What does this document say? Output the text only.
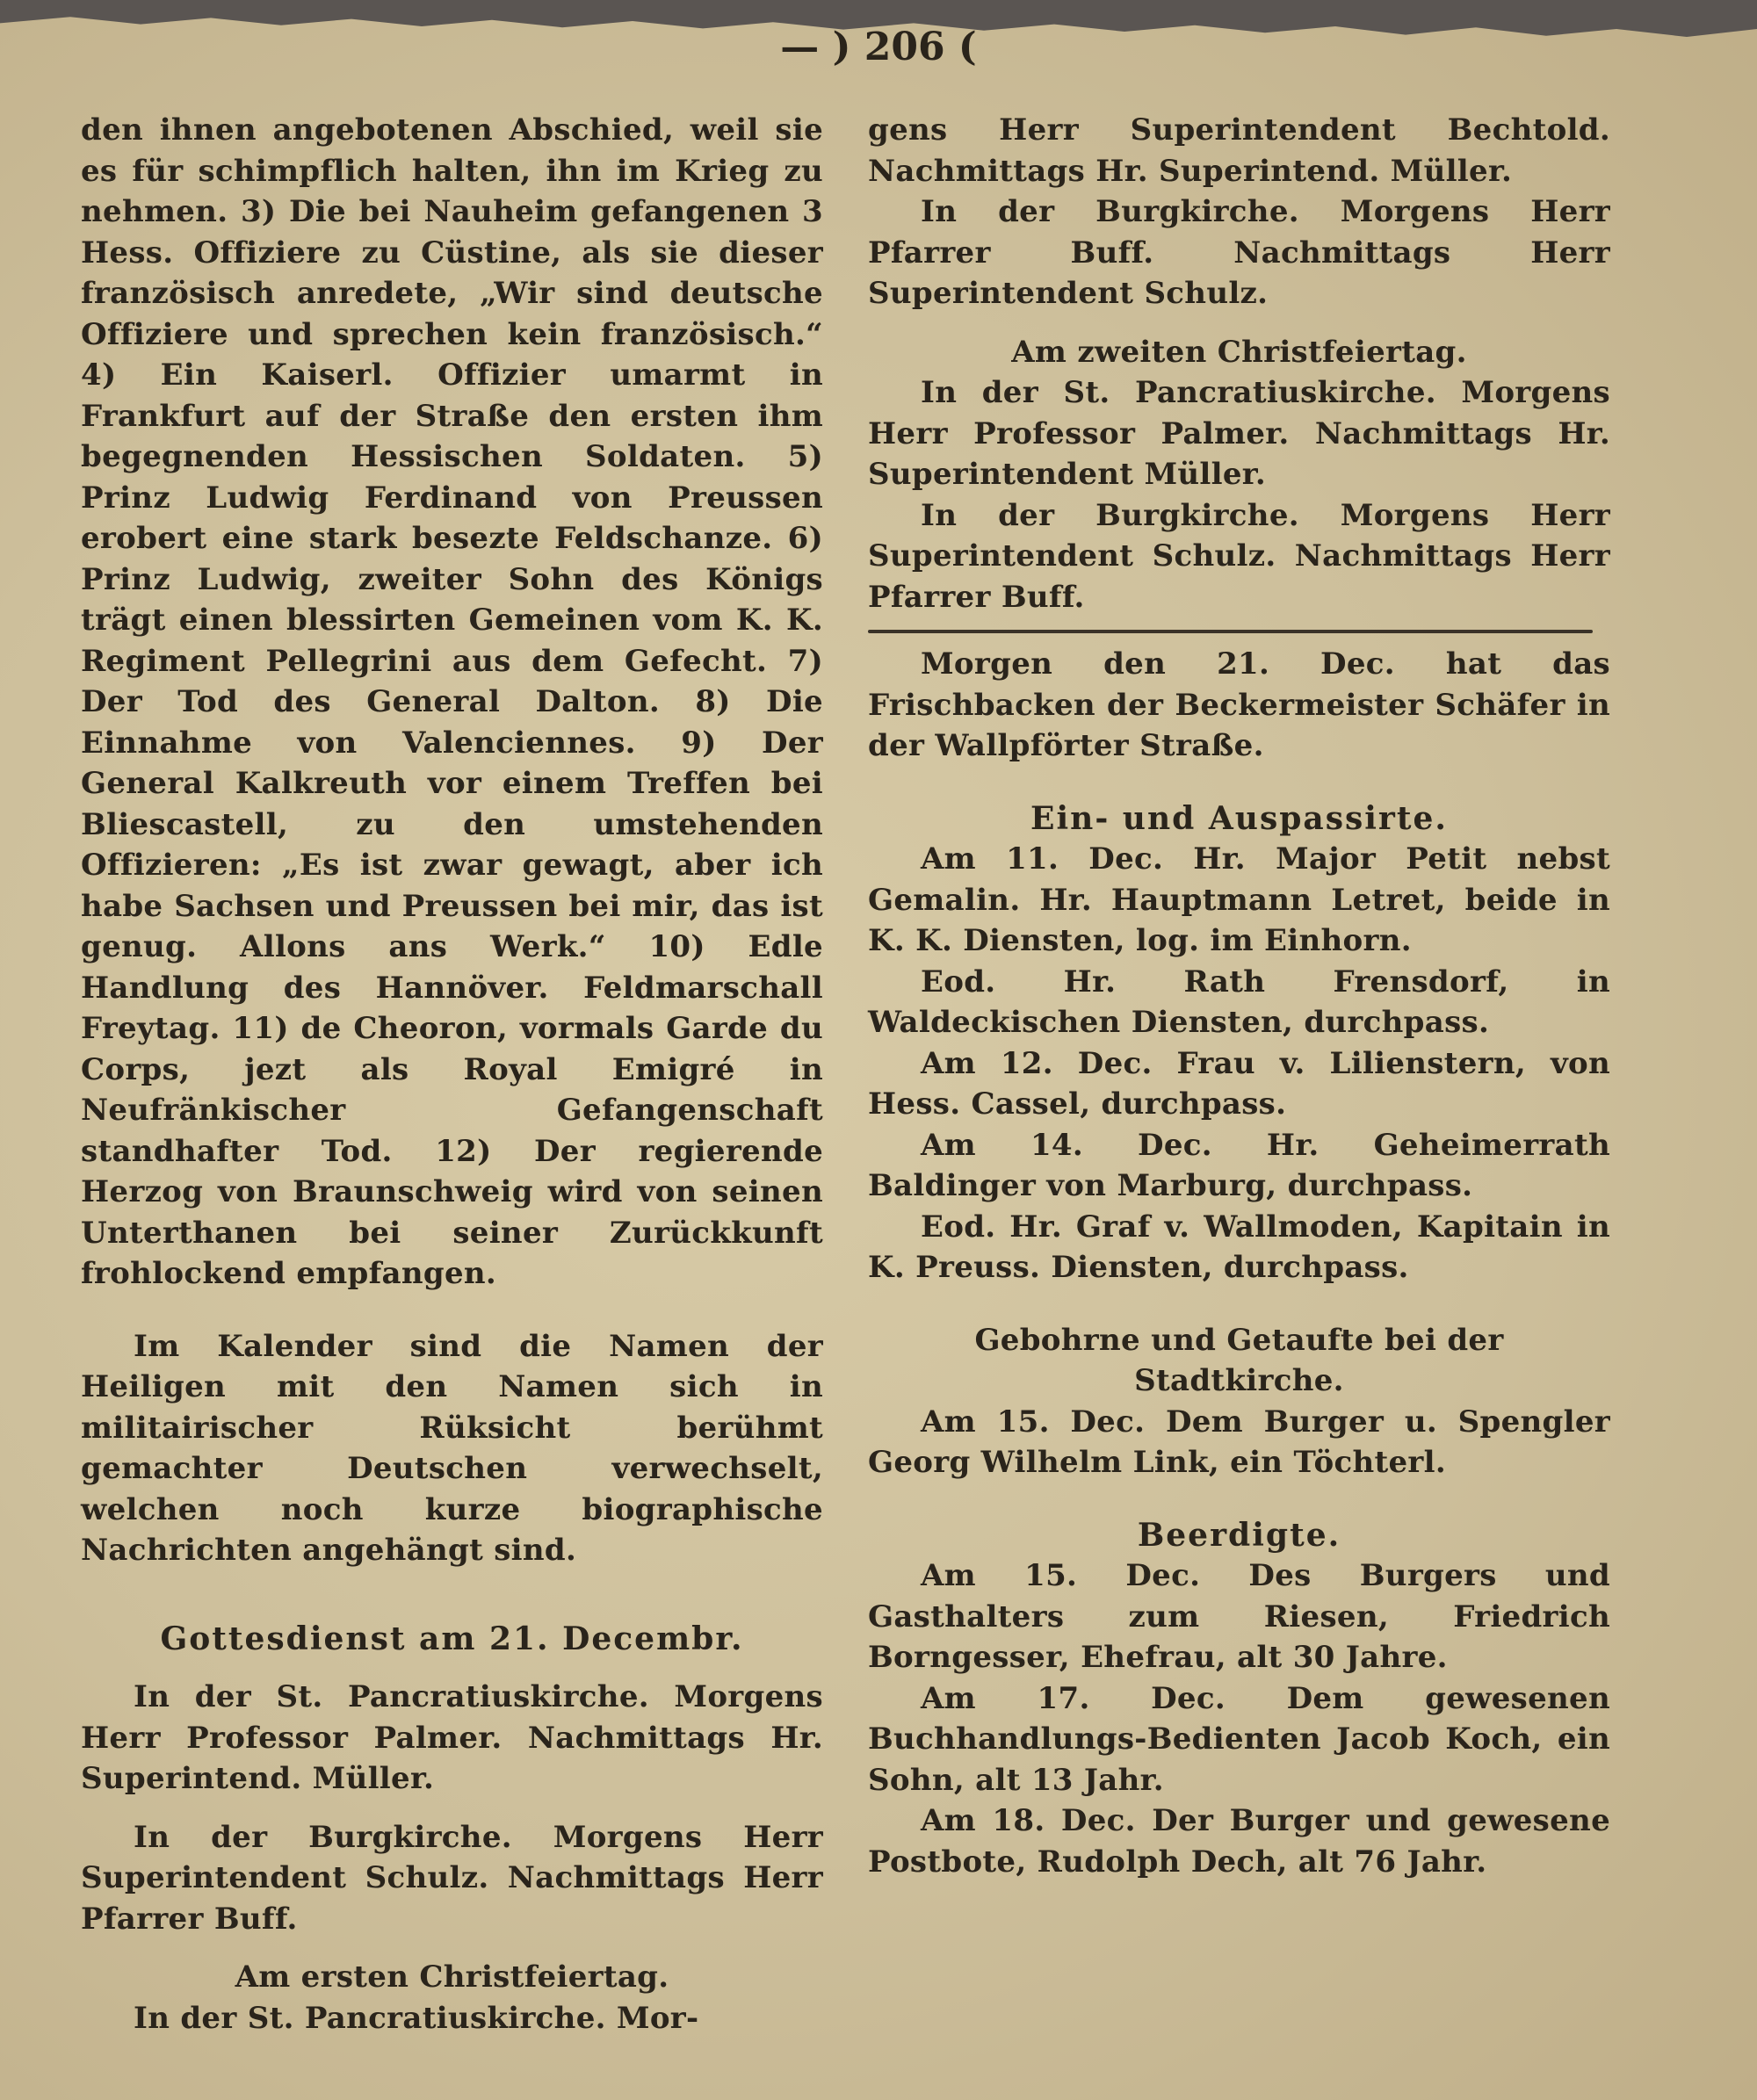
— ) 206 (

den ihnen angebotenen Abschied, weil sie es für schimpflich halten, ihn im Krieg zu nehmen. 3) Die bei Nauheim gefangenen 3 Hess. Offiziere zu Cüstine, als sie dieser französisch anredete, „Wir sind deutsche Offiziere und sprechen kein französisch.“ 4) Ein Kaiserl. Offizier umarmt in Frankfurt auf der Straße den ersten ihm begegnenden Hessischen Soldaten. 5) Prinz Ludwig Ferdinand von Preussen erobert eine stark besezte Feldschanze. 6) Prinz Ludwig, zweiter Sohn des Königs trägt einen blessirten Gemeinen vom K. K. Regiment Pellegrini aus dem Gefecht. 7) Der Tod des General Dalton. 8) Die Einnahme von Valenciennes. 9) Der General Kalkreuth vor einem Treffen bei Bliescastell, zu den umstehenden Offizieren: „Es ist zwar gewagt, aber ich habe Sachsen und Preussen bei mir, das ist genug. Allons ans Werk.“ 10) Edle Handlung des Hannöver. Feldmarschall Freytag. 11) de Cheoron, vormals Garde du Corps, jezt als Royal Emigré in Neufränkischer Gefangenschaft standhafter Tod. 12) Der regierende Herzog von Braunschweig wird von seinen Unterthanen bei seiner Zurückkunft frohlockend empfangen.

Im Kalender sind die Namen der Heiligen mit den Namen sich in militairischer Rüksicht berühmt gemachter Deutschen verwechselt, welchen noch kurze biographische Nachrichten angehängt sind.

Gottesdienst am 21. Decembr.

In der St. Pancratiuskirche. Morgens Herr Professor Palmer. Nachmittags Hr. Superintend. Müller.

In der Burgkirche. Morgens Herr Superintendent Schulz. Nachmittags Herr Pfarrer Buff.

Am ersten Christfeiertag.

In der St. Pancratiuskirche. Mor-

gens Herr Superintendent Bechtold. Nachmittags Hr. Superintend. Müller.

In der Burgkirche. Morgens Herr Pfarrer Buff. Nachmittags Herr Superintendent Schulz.

Am zweiten Christfeiertag.

In der St. Pancratiuskirche. Morgens Herr Professor Palmer. Nachmittags Hr. Superintendent Müller.

In der Burgkirche. Morgens Herr Superintendent Schulz. Nachmittags Herr Pfarrer Buff.

Morgen den 21. Dec. hat das Frischbacken der Beckermeister Schäfer in der Wallpförter Straße.

Ein- und Auspassirte.

Am 11. Dec. Hr. Major Petit nebst Gemalin. Hr. Hauptmann Letret, beide in K. K. Diensten, log. im Einhorn.

Eod. Hr. Rath Frensdorf, in Waldeckischen Diensten, durchpass.

Am 12. Dec. Frau v. Lilienstern, von Hess. Cassel, durchpass.

Am 14. Dec. Hr. Geheimerrath Baldinger von Marburg, durchpass.

Eod. Hr. Graf v. Wallmoden, Kapitain in K. Preuss. Diensten, durchpass.

Gebohrne und Getaufte bei der Stadtkirche.

Am 15. Dec. Dem Burger u. Spengler Georg Wilhelm Link, ein Töchterl.

Beerdigte.

Am 15. Dec. Des Burgers und Gasthalters zum Riesen, Friedrich Borngesser, Ehefrau, alt 30 Jahre.

Am 17. Dec. Dem gewesenen Buchhandlungs-Bedienten Jacob Koch, ein Sohn, alt 13 Jahr.

Am 18. Dec. Der Burger und gewesene Postbote, Rudolph Dech, alt 76 Jahr.
